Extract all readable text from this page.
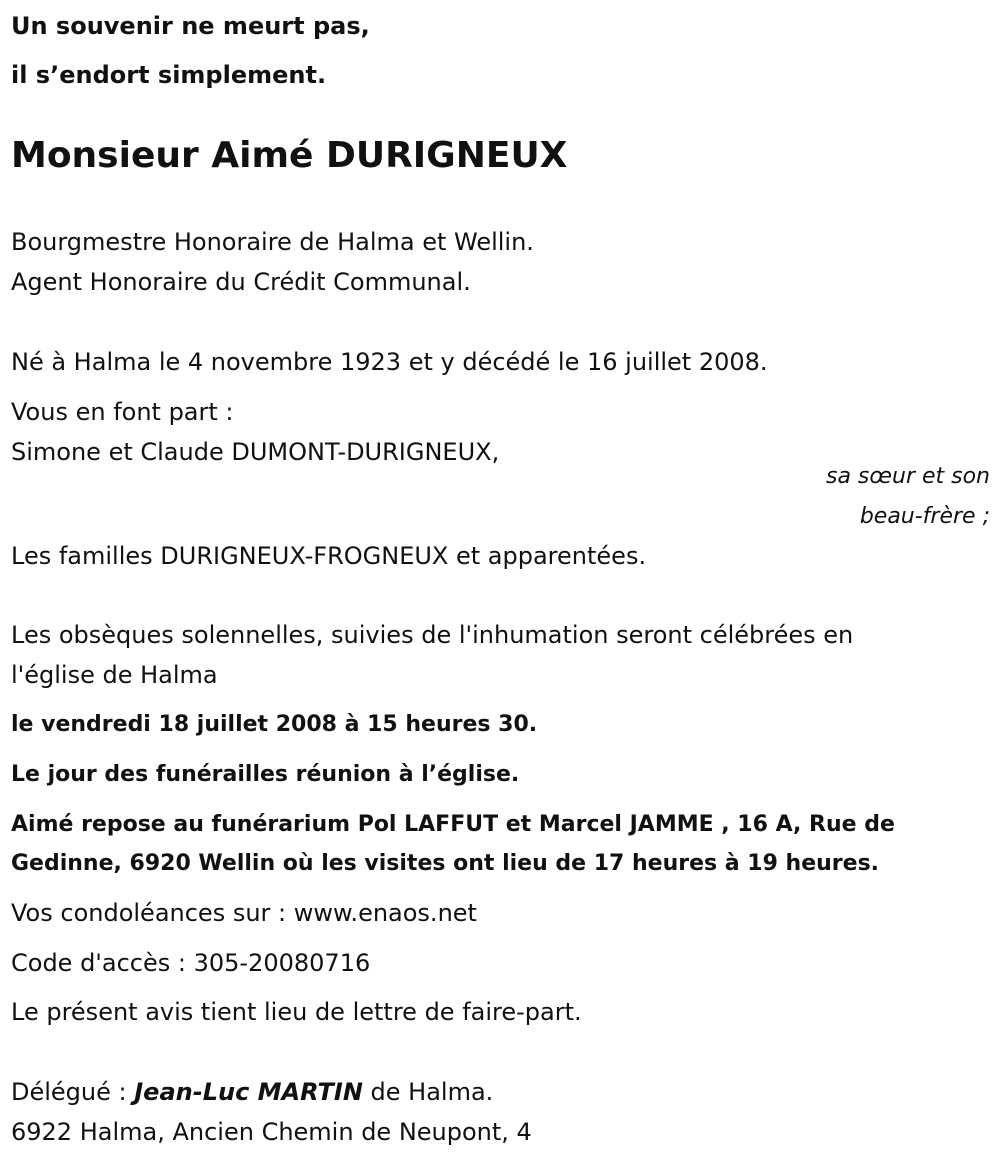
Un souvenir ne meurt pas,
il s’endort simplement.
Monsieur Aimé DURIGNEUX
Bourgmestre Honoraire de Halma et Wellin.
Agent Honoraire du Crédit Communal.
Né à Halma le 4 novembre 1923 et y décédé le 16 juillet 2008.
Vous en font part :
Simone et Claude DUMONT-DURIGNEUX,
sa sœur et son
beau-frère ;
Les familles DURIGNEUX-FROGNEUX et apparentées.
Les obsèques solennelles, suivies de l'inhumation seront célébrées en
l'église de Halma
le vendredi 18 juillet 2008 à 15 heures 30.
Le jour des funérailles réunion à l’église.
Aimé repose au funérarium Pol LAFFUT et Marcel JAMME , 16 A, Rue de
Gedinne, 6920 Wellin où les visites ont lieu de 17 heures à 19 heures.
Vos condoléances sur : www.enaos.net
Code d'accès : 305-20080716
Le présent avis tient lieu de lettre de faire-part.
Délégué : Jean-Luc MARTIN de Halma.
6922 Halma, Ancien Chemin de Neupont, 4
